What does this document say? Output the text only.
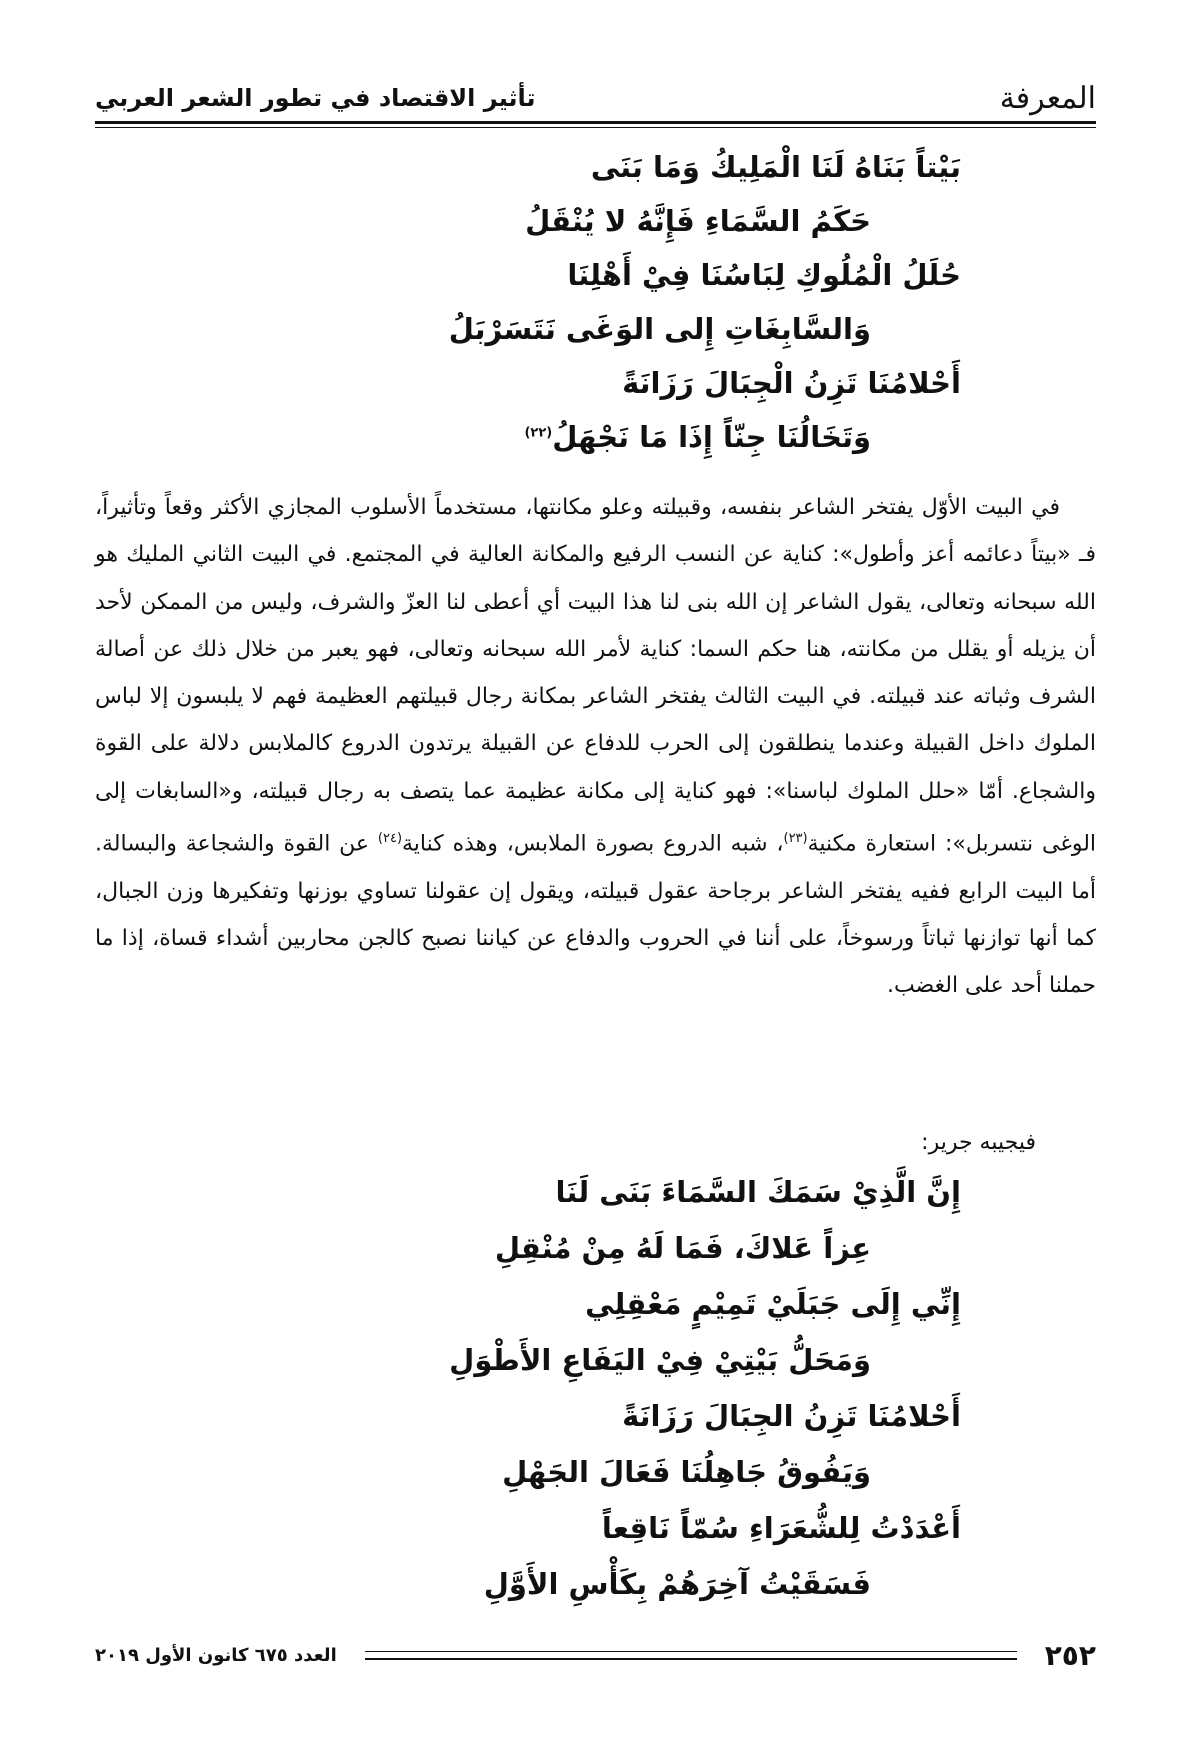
تأثير الاقتصاد في تطور الشعر العربي	المعرفة
بَيْتاً بَنَاهُ لَنَا الْمَلِيكُ وَمَا بَنَى
حَكَمُ السَّمَاءِ فَإِنَّهُ لا يُنْقَلُ
حُلَلُ الْمُلُوكِ لِبَاسُنَا فِيْ أَهْلِنَا
وَالسَّابِغَاتِ إِلى الوَغَى نَتَسَرْبَلُ
أَحْلامُنَا تَزِنُ الْجِبَالَ رَزَانَةً
وَتَخَالُنَا جِنّاً إِذَا مَا نَجْهَلُ$^{(٢٢)}$

في البيت الأوّل يفتخر الشاعر بنفسه، وقبيلته وعلو مكانتها، مستخدماً الأسلوب المجازي الأكثر وقعاً وتأثيراً، فـ «بيتاً دعائمه أعز وأطول»: كناية عن النسب الرفيع والمكانة العالية في المجتمع. في البيت الثاني المليك هو الله سبحانه وتعالى، يقول الشاعر إن الله بنى لنا هذا البيت أي أعطى لنا العزّ والشرف، وليس من الممكن لأحد أن يزيله أو يقلل من مكانته، هنا حكم السما: كناية لأمر الله سبحانه وتعالى، فهو يعبر من خلال ذلك عن أصالة الشرف وثباته عند قبيلته. في البيت الثالث يفتخر الشاعر بمكانة رجال قبيلتهم العظيمة فهم لا يلبسون إلا لباس الملوك داخل القبيلة وعندما ينطلقون إلى الحرب للدفاع عن القبيلة يرتدون الدروع كالملابس دلالة على القوة والشجاع. أمّا «حلل الملوك لباسنا»: فهو كناية إلى مكانة عظيمة عما يتصف به رجال قبيلته، و«السابغات إلى الوغى نتسربل»: استعارة مكنية$^{(٢٣)}$، شبه الدروع بصورة الملابس، وهذه كناية$^{(٢٤)}$ عن القوة والشجاعة والبسالة. أما البيت الرابع ففيه يفتخر الشاعر برجاحة عقول قبيلته، ويقول إن عقولنا تساوي بوزنها وتفكيرها وزن الجبال، كما أنها توازنها ثباتاً ورسوخاً، على أننا في الحروب والدفاع عن كياننا نصبح كالجن محاربين أشداء قساة، إذا ما حملنا أحد على الغضب.

فيجيبه جرير:
إِنَّ الَّذِيْ سَمَكَ السَّمَاءَ بَنَى لَنَا
عِزاً عَلاكَ، فَمَا لَهُ مِنْ مُنْقِلِ
إِنِّي إِلَى جَبَلَيْ تَمِيْمٍ مَعْقِلِي
وَمَحَلُّ بَيْتِيْ فِيْ اليَفَاعِ الأَطْوَلِ
أَحْلامُنَا تَزِنُ الجِبَالَ رَزَانَةً
وَيَفُوقُ جَاهِلُنَا فَعَالَ الجَهْلِ
أَعْدَدْتُ لِلشُّعَرَاءِ سُمّاً نَاقِعاً
فَسَقَيْتُ آخِرَهُمْ بِكَأْسِ الأَوَّلِ
العدد ٦٧٥ كانون الأول ٢٠١٩	٢٥٢
